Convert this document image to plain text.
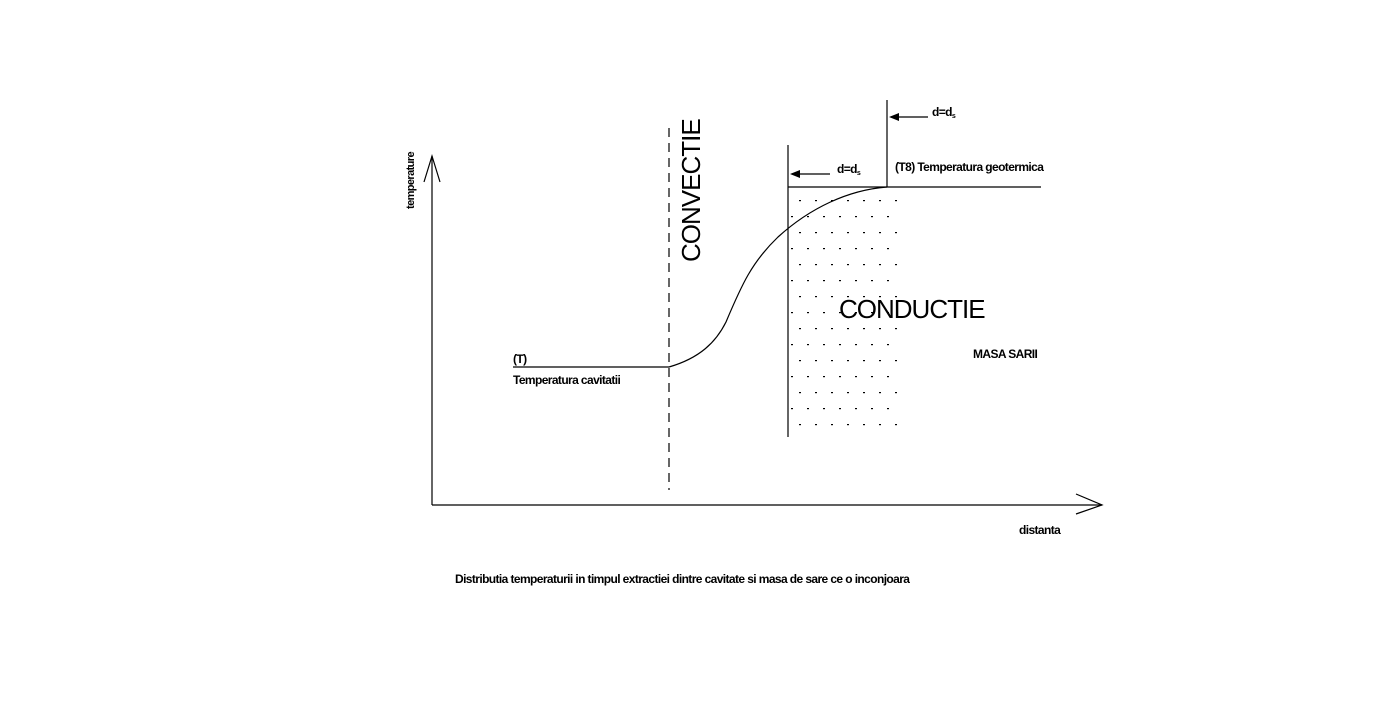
temperature
distanta
CONVECTIE
CONDUCTIE
d=ds
d=ds
(T8) Temperatura geotermica
(T)
Temperatura cavitatii
MASA SARII
Distributia temperaturii in timpul extractiei dintre cavitate si masa de sare ce o inconjoara
